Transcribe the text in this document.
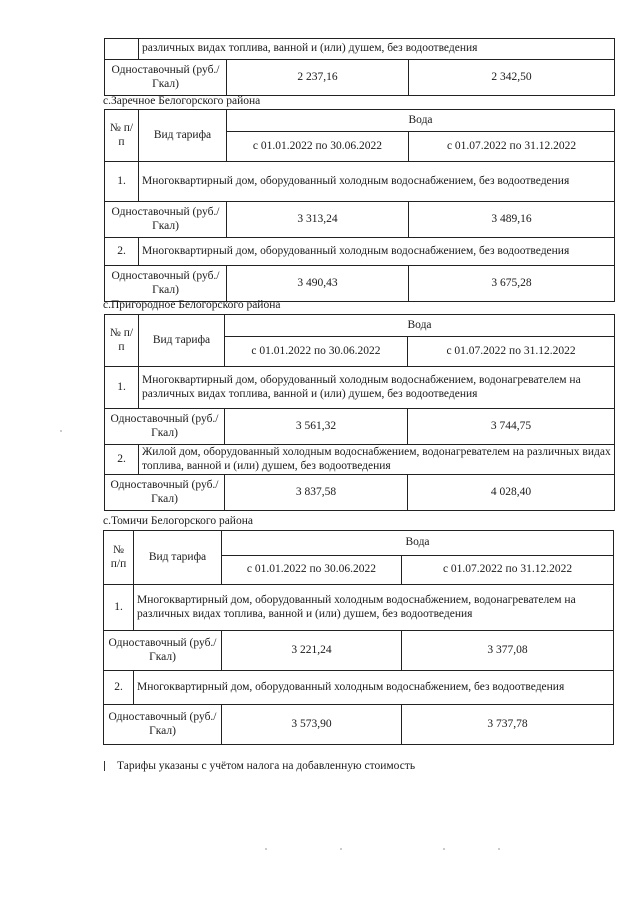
	различных видах топлива, ванной и (или) душем, без водоотведения		
Одноставочный (руб./Гкал)		2 237,16	2 342,50
с.Заречное Белогорского района
№ п/п	Вид тарифа	Вода	
		с 01.01.2022 по 30.06.2022	с 01.07.2022 по 31.12.2022
1.	Многоквартирный дом, оборудованный холодным водоснабжением, без водоотведения		
Одноставочный (руб./Гкал)		3 313,24	3 489,16
2.	Многоквартирный дом, оборудованный холодным водоснабжением, без водоотведения		
Одноставочный (руб./Гкал)		3 490,43	3 675,28
с.Пригородное Белогорского района
№ п/п	Вид тарифа	Вода	
		с 01.01.2022 по 30.06.2022	с 01.07.2022 по 31.12.2022
1.	Многоквартирный дом, оборудованный холодным водоснабжением, водонагревателем на различных видах топлива, ванной и (или) душем, без водоотведения		
Одноставочный (руб./Гкал)		3 561,32	3 744,75
2.	Жилой дом, оборудованный холодным водоснабжением, водонагревателем на различных видах топлива, ванной и (или) душем, без водоотведения		
Одноставочный (руб./Гкал)		3 837,58	4 028,40
с.Томичи Белогорского района
№ п/п	Вид тарифа	Вода	
		с 01.01.2022 по 30.06.2022	с 01.07.2022 по 31.12.2022
1.	Многоквартирный дом, оборудованный холодным водоснабжением, водонагревателем на различных видах топлива, ванной и (или) душем, без водоотведения		
Одноставочный (руб./Гкал)		3 221,24	3 377,08
2.	Многоквартирный дом, оборудованный холодным водоснабжением, без водоотведения		
Одноставочный (руб./Гкал)		3 573,90	3 737,78
Тарифы указаны с учётом налога на добавленную стоимость
